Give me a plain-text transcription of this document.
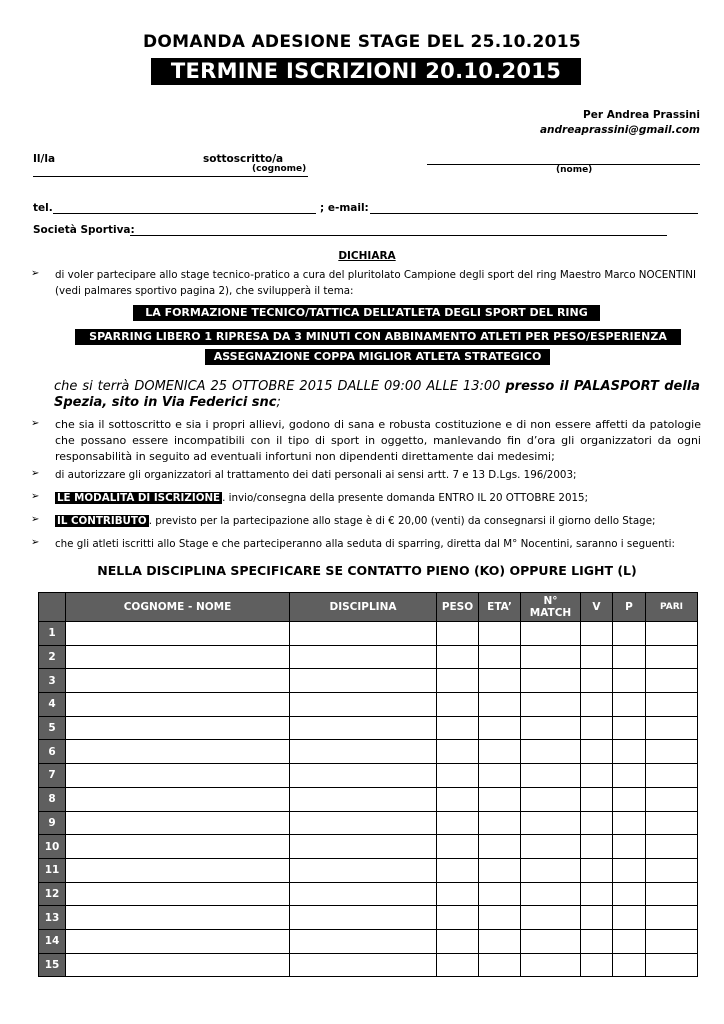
DOMANDA ADESIONE STAGE DEL 25.10.2015
TERMINE ISCRIZIONI 20.10.2015
Per Andrea Prassini
andreaprassini@gmail.com
Il/la	sottoscritto/a
(cognome)	(nome)
tel.	; e-mail:
Società Sportiva:
DICHIARA
➢ di voler partecipare allo stage tecnico-pratico a cura del pluritolato Campione degli sport del ring Maestro Marco NOCENTINI (vedi palmares sportivo pagina 2), che svilupperà il tema:
LA FORMAZIONE TECNICO/TATTICA DELL’ATLETA DEGLI SPORT DEL RING
SPARRING LIBERO 1 RIPRESA DA 3 MINUTI CON ABBINAMENTO ATLETI PER PESO/ESPERIENZA
ASSEGNAZIONE COPPA MIGLIOR ATLETA STRATEGICO
che si terrà DOMENICA 25 OTTOBRE 2015 DALLE 09:00 ALLE 13:00 presso il PALASPORT della Spezia, sito in Via Federici snc;
➢ che sia il sottoscritto e sia i propri allievi, godono di sana e robusta costituzione e di non essere affetti da patologie che possano essere incompatibili con il tipo di sport in oggetto, manlevando fin d’ora gli organizzatori da ogni responsabilità in seguito ad eventuali infortuni non dipendenti direttamente dai medesimi;
➢ di autorizzare gli organizzatori al trattamento dei dati personali ai sensi artt. 7 e 13 D.Lgs. 196/2003;
➢ LE MODALITÀ DI ISCRIZIONE . invio/consegna della presente domanda ENTRO IL 20 OTTOBRE 2015;
➢ IL CONTRIBUTO . previsto per la partecipazione allo stage è di € 20,00 (venti) da consegnarsi il giorno dello Stage;
➢ che gli atleti iscritti allo Stage e che parteciperanno alla seduta di sparring, diretta dal M° Nocentini, saranno i seguenti:
NELLA DISCIPLINA SPECIFICARE SE CONTATTO PIENO (KO) OPPURE LIGHT (L)
	COGNOME - NOME	DISCIPLINA	PESO	ETA’	N° MATCH	V	P	PARI
1								
2								
3								
4								
5								
6								
7								
8								
9								
10								
11								
12								
13								
14								
15								
